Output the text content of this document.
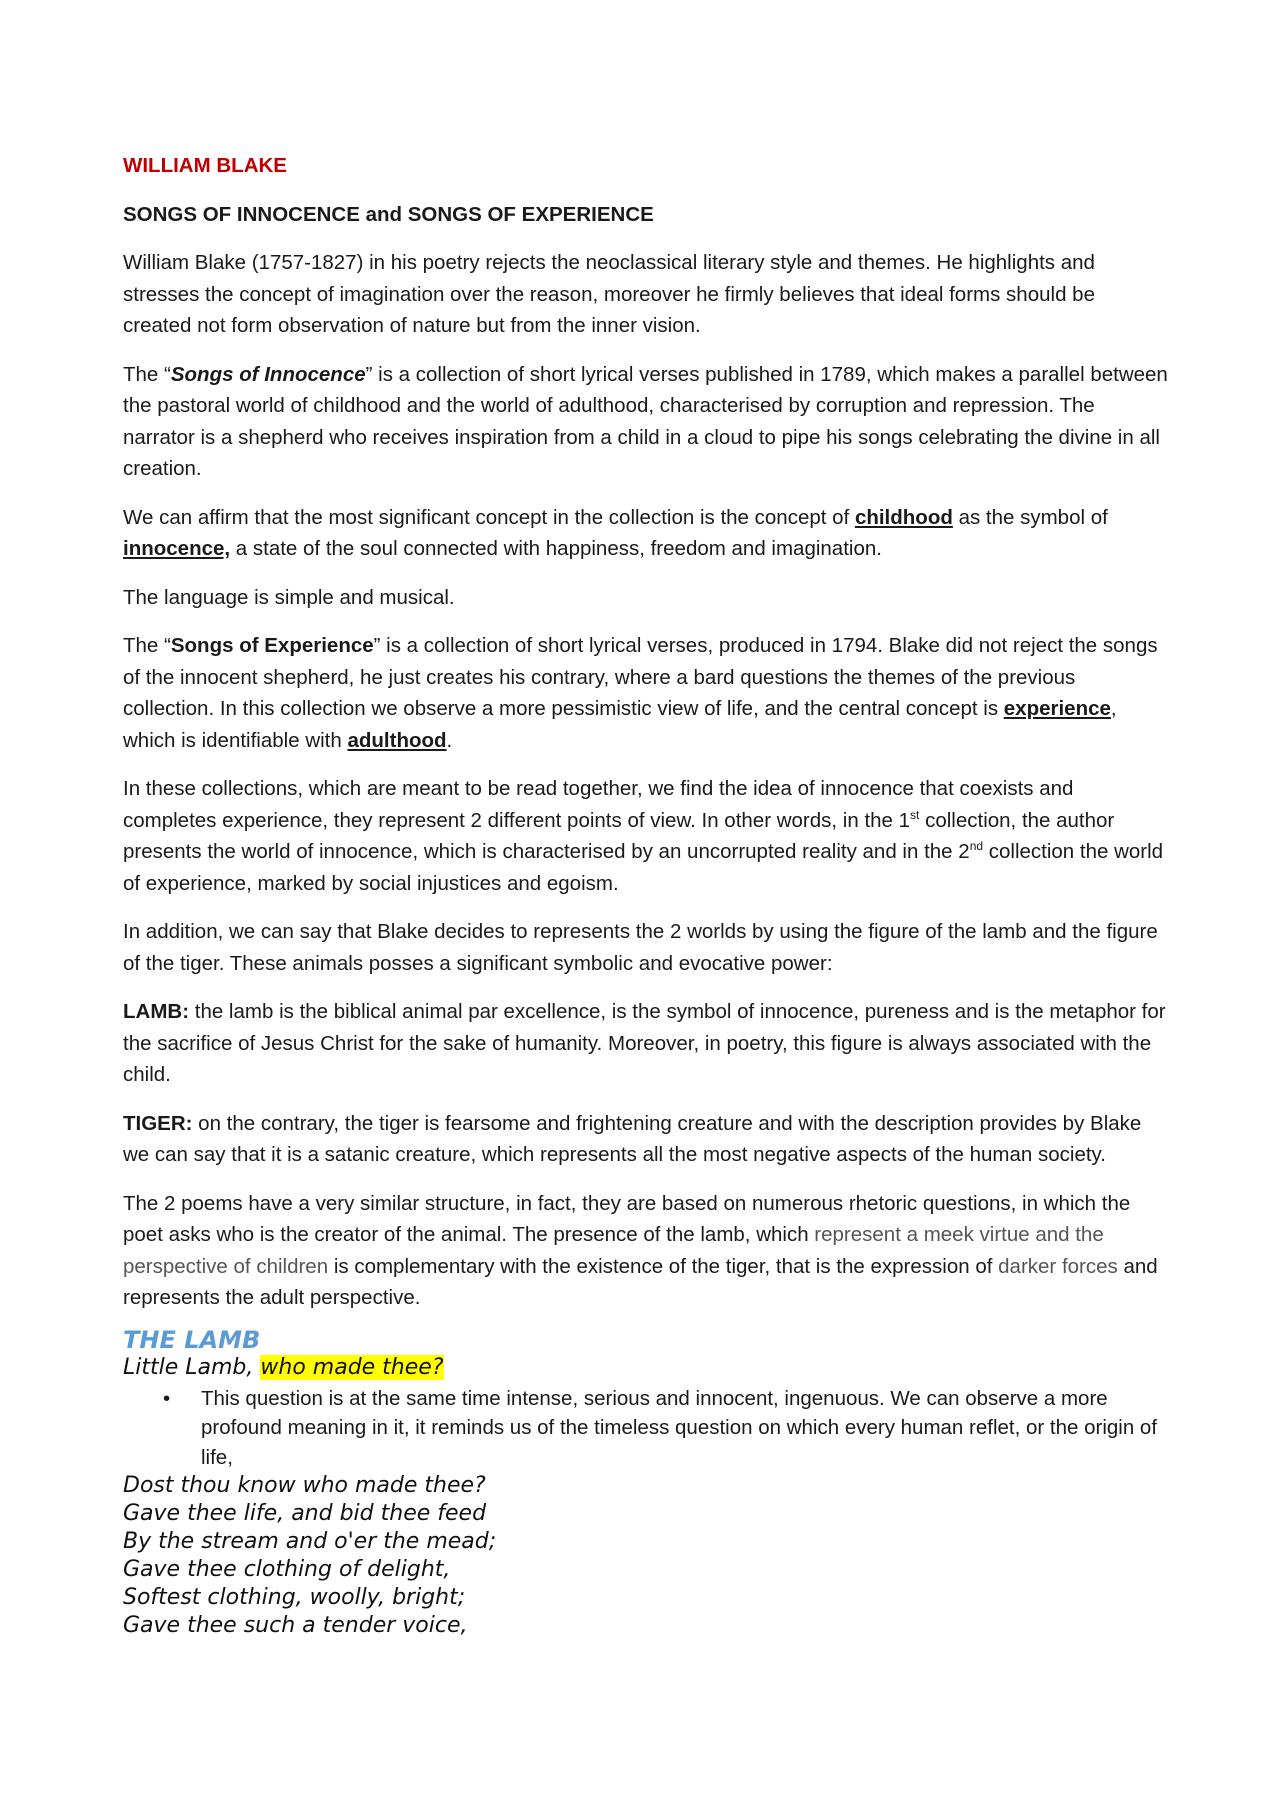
WILLIAM BLAKE
SONGS OF INNOCENCE and SONGS OF EXPERIENCE

William Blake (1757-1827) in his poetry rejects the neoclassical literary style and themes. He highlights and stresses the concept of imagination over the reason, moreover he firmly believes that ideal forms should be created not form observation of nature but from the inner vision.

The “Songs of Innocence” is a collection of short lyrical verses published in 1789, which makes a parallel between the pastoral world of childhood and the world of adulthood, characterised by corruption and repression. The narrator is a shepherd who receives inspiration from a child in a cloud to pipe his songs celebrating the divine in all creation.

We can affirm that the most significant concept in the collection is the concept of childhood as the symbol of innocence, a state of the soul connected with happiness, freedom and imagination.

The language is simple and musical.

The “Songs of Experience” is a collection of short lyrical verses, produced in 1794. Blake did not reject the songs of the innocent shepherd, he just creates his contrary, where a bard questions the themes of the previous collection. In this collection we observe a more pessimistic view of life, and the central concept is experience, which is identifiable with adulthood.

In these collections, which are meant to be read together, we find the idea of innocence that coexists and completes experience, they represent 2 different points of view. In other words, in the 1st collection, the author presents the world of innocence, which is characterised by an uncorrupted reality and in the 2nd collection the world of experience, marked by social injustices and egoism.

In addition, we can say that Blake decides to represents the 2 worlds by using the figure of the lamb and the figure of the tiger. These animals posses a significant symbolic and evocative power:

LAMB: the lamb is the biblical animal par excellence, is the symbol of innocence, pureness and is the metaphor for the sacrifice of Jesus Christ for the sake of humanity. Moreover, in poetry, this figure is always associated with the child.

TIGER: on the contrary, the tiger is fearsome and frightening creature and with the description provides by Blake we can say that it is a satanic creature, which represents all the most negative aspects of the human society.

The 2 poems have a very similar structure, in fact, they are based on numerous rhetoric questions, in which the poet asks who is the creator of the animal. The presence of the lamb, which represent a meek virtue and the perspective of children is complementary with the existence of the tiger, that is the expression of darker forces and represents the adult perspective.

THE LAMB
Little Lamb, who made thee?
• This question is at the same time intense, serious and innocent, ingenuous. We can observe a more profound meaning in it, it reminds us of the timeless question on which every human reflet, or the origin of life,
Dost thou know who made thee?
Gave thee life, and bid thee feed
By the stream and o'er the mead;
Gave thee clothing of delight,
Softest clothing, woolly, bright;
Gave thee such a tender voice,
